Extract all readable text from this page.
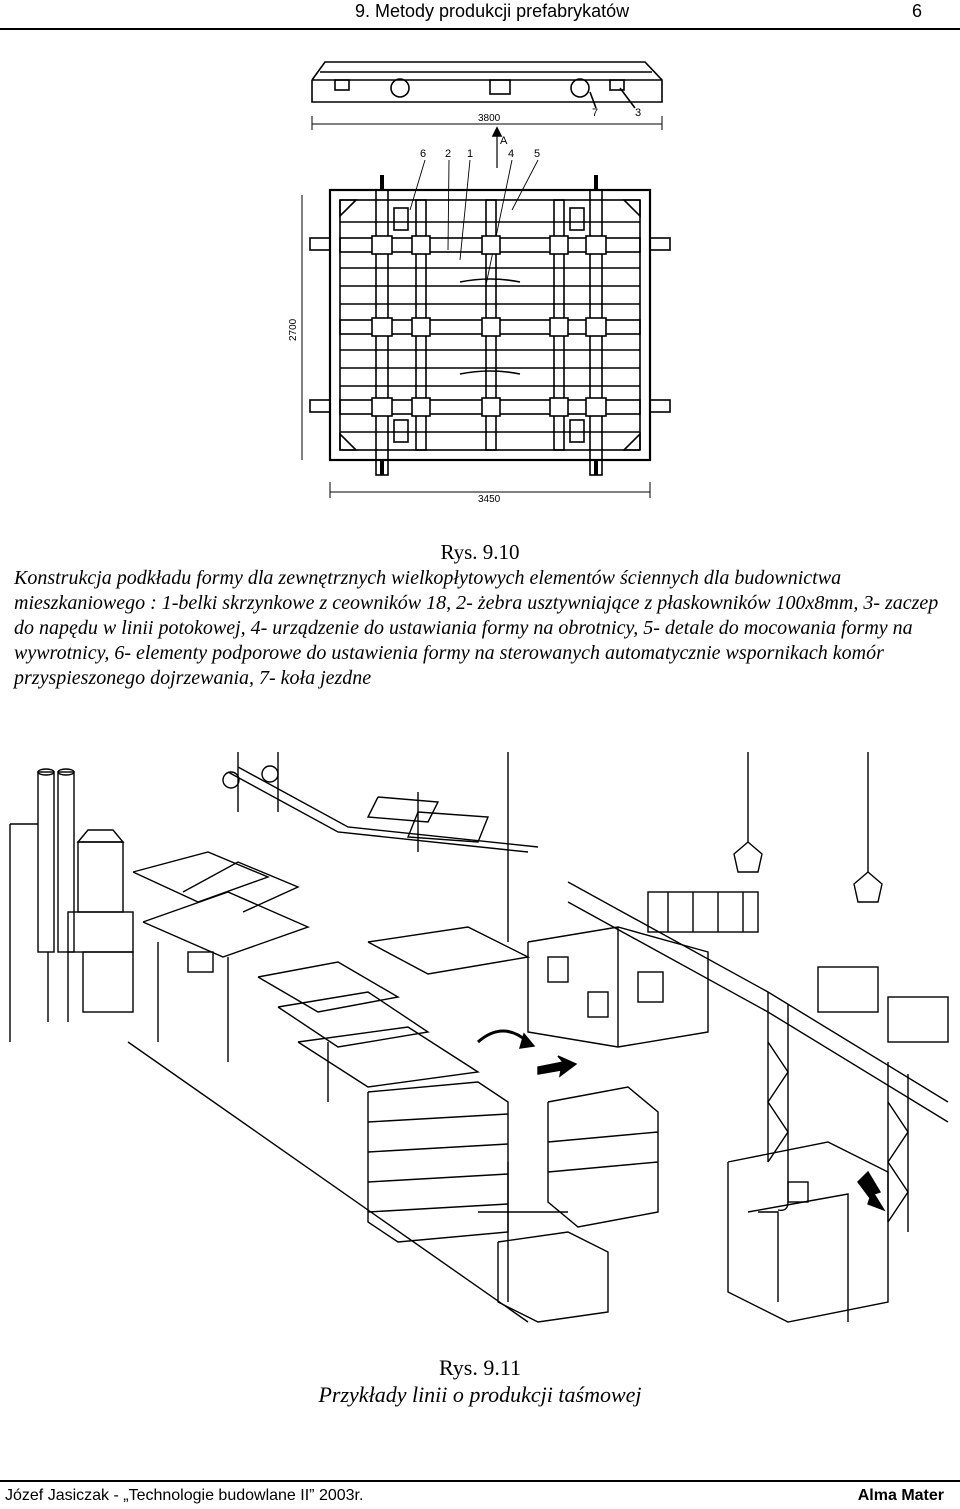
9. Metody produkcji prefabrykatów	6
7	3
3800
A
6 2 1	4 5
2700
3450
Rys. 9.10
Konstrukcja podkładu formy dla zewnętrznych wielkopłytowych elementów ściennych dla budownictwa mieszkaniowego : 1-belki skrzynkowe z ceowników 18, 2- żebra usztywniające z płaskowników 100x8mm, 3- zaczep do napędu w linii potokowej, 4- urządzenie do ustawiania formy na obrotnicy, 5- detale do mocowania formy na wywrotnicy, 6- elementy podporowe do ustawienia formy na sterowanych automatycznie wspornikach komór przyspieszonego dojrzewania, 7- koła jezdne
Rys. 9.11
Przykłady linii o produkcji taśmowej
Józef Jasiczak - „Technologie budowlane II” 2003r.	Alma Mater
